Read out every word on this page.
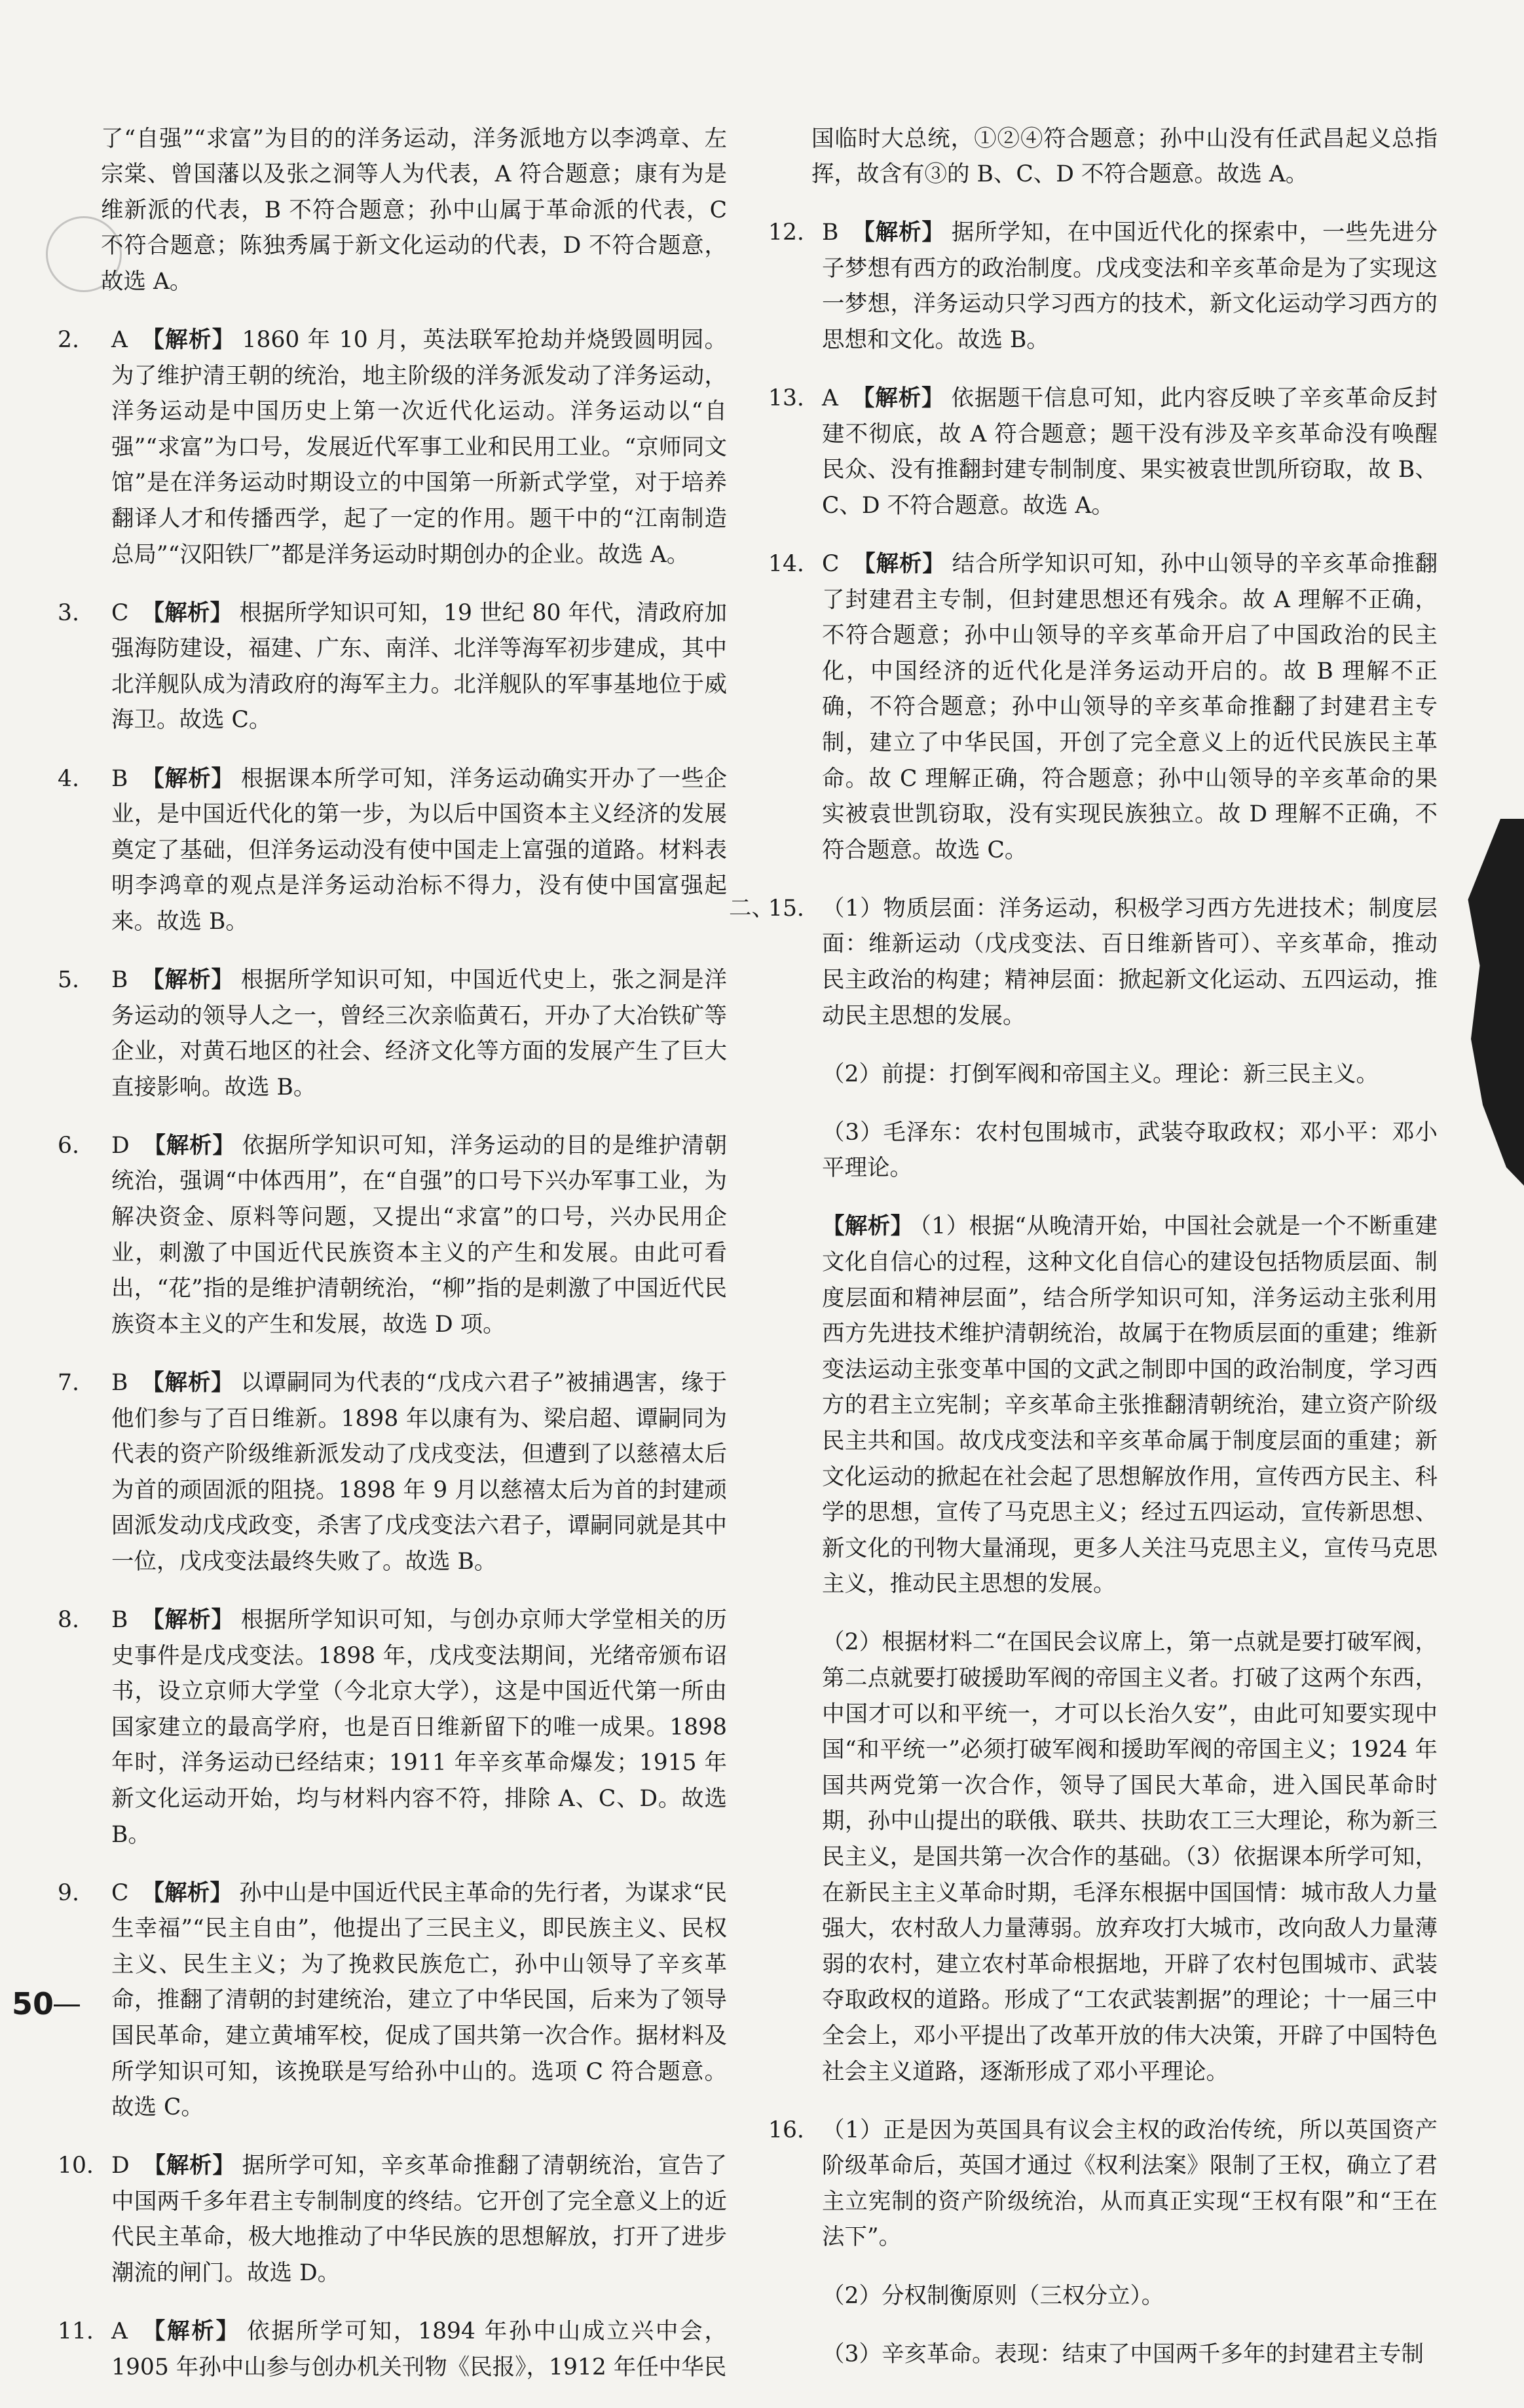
了“自强”“求富”为目的的洋务运动，洋务派地方以李鸿章、左宗棠、曾国藩以及张之洞等人为代表，A 符合题意；康有为是维新派的代表，B 不符合题意；孙中山属于革命派的代表，C 不符合题意；陈独秀属于新文化运动的代表，D 不符合题意，故选 A。

2.	A 【解析】 1860 年 10 月，英法联军抢劫并烧毁圆明园。为了维护清王朝的统治，地主阶级的洋务派发动了洋务运动，洋务运动是中国历史上第一次近代化运动。洋务运动以“自强”“求富”为口号，发展近代军事工业和民用工业。“京师同文馆”是在洋务运动时期设立的中国第一所新式学堂，对于培养翻译人才和传播西学，起了一定的作用。题干中的“江南制造总局”“汉阳铁厂”都是洋务运动时期创办的企业。故选 A。

3.	C 【解析】 根据所学知识可知，19 世纪 80 年代，清政府加强海防建设，福建、广东、南洋、北洋等海军初步建成，其中北洋舰队成为清政府的海军主力。北洋舰队的军事基地位于威海卫。故选 C。

4.	B 【解析】 根据课本所学可知，洋务运动确实开办了一些企业，是中国近代化的第一步，为以后中国资本主义经济的发展奠定了基础，但洋务运动没有使中国走上富强的道路。材料表明李鸿章的观点是洋务运动治标不得力，没有使中国富强起来。故选 B。

5.	B 【解析】 根据所学知识可知，中国近代史上，张之洞是洋务运动的领导人之一，曾经三次亲临黄石，开办了大冶铁矿等企业，对黄石地区的社会、经济文化等方面的发展产生了巨大直接影响。故选 B。

6.	D 【解析】 依据所学知识可知，洋务运动的目的是维护清朝统治，强调“中体西用”，在“自强”的口号下兴办军事工业，为解决资金、原料等问题，又提出“求富”的口号，兴办民用企业，刺激了中国近代民族资本主义的产生和发展。由此可看出，“花”指的是维护清朝统治，“柳”指的是刺激了中国近代民族资本主义的产生和发展，故选 D 项。

7.	B 【解析】 以谭嗣同为代表的“戊戌六君子”被捕遇害，缘于他们参与了百日维新。1898 年以康有为、梁启超、谭嗣同为代表的资产阶级维新派发动了戊戌变法，但遭到了以慈禧太后为首的顽固派的阻挠。1898 年 9 月以慈禧太后为首的封建顽固派发动戊戌政变，杀害了戊戌变法六君子，谭嗣同就是其中一位，戊戌变法最终失败了。故选 B。

8.	B 【解析】 根据所学知识可知，与创办京师大学堂相关的历史事件是戊戌变法。1898 年，戊戌变法期间，光绪帝颁布诏书，设立京师大学堂（今北京大学），这是中国近代第一所由国家建立的最高学府，也是百日维新留下的唯一成果。1898 年时，洋务运动已经结束；1911 年辛亥革命爆发；1915 年新文化运动开始，均与材料内容不符，排除 A、C、D。故选 B。

9.	C 【解析】 孙中山是中国近代民主革命的先行者，为谋求“民生幸福”“民主自由”，他提出了三民主义，即民族主义、民权主义、民生主义；为了挽救民族危亡，孙中山领导了辛亥革命，推翻了清朝的封建统治，建立了中华民国，后来为了领导国民革命，建立黄埔军校，促成了国共第一次合作。据材料及所学知识可知，该挽联是写给孙中山的。选项 C 符合题意。故选 C。

10. D 【解析】 据所学可知，辛亥革命推翻了清朝统治，宣告了中国两千多年君主专制制度的终结。它开创了完全意义上的近代民主革命，极大地推动了中华民族的思想解放，打开了进步潮流的闸门。故选 D。

11. A 【解析】 依据所学可知，1894 年孙中山成立兴中会，1905 年孙中山参与创办机关刊物《民报》，1912 年任中华民

国临时大总统，①②④符合题意；孙中山没有任武昌起义总指挥，故含有③的 B、C、D 不符合题意。故选 A。

12. B 【解析】 据所学知，在中国近代化的探索中，一些先进分子梦想有西方的政治制度。戊戌变法和辛亥革命是为了实现这一梦想，洋务运动只学习西方的技术，新文化运动学习西方的思想和文化。故选 B。

13. A 【解析】 依据题干信息可知，此内容反映了辛亥革命反封建不彻底，故 A 符合题意；题干没有涉及辛亥革命没有唤醒民众、没有推翻封建专制制度、果实被袁世凯所窃取，故 B、C、D 不符合题意。故选 A。

14. C 【解析】 结合所学知识可知，孙中山领导的辛亥革命推翻了封建君主专制，但封建思想还有残余。故 A 理解不正确，不符合题意；孙中山领导的辛亥革命开启了中国政治的民主化，中国经济的近代化是洋务运动开启的。故 B 理解不正确，不符合题意；孙中山领导的辛亥革命推翻了封建君主专制，建立了中华民国，开创了完全意义上的近代民族民主革命。故 C 理解正确，符合题意；孙中山领导的辛亥革命的果实被袁世凯窃取，没有实现民族独立。故 D 理解不正确，不符合题意。故选 C。

二、
15. （1）物质层面：洋务运动，积极学习西方先进技术；制度层面：维新运动（戊戌变法、百日维新皆可）、辛亥革命，推动民主政治的构建；精神层面：掀起新文化运动、五四运动，推动民主思想的发展。

（2）前提：打倒军阀和帝国主义。理论：新三民主义。

（3）毛泽东：农村包围城市，武装夺取政权；邓小平：邓小平理论。

【解析】 （1）根据“从晚清开始，中国社会就是一个不断重建文化自信心的过程，这种文化自信心的建设包括物质层面、制度层面和精神层面”，结合所学知识可知，洋务运动主张利用西方先进技术维护清朝统治，故属于在物质层面的重建；维新变法运动主张变革中国的文武之制即中国的政治制度，学习西方的君主立宪制；辛亥革命主张推翻清朝统治，建立资产阶级民主共和国。故戊戌变法和辛亥革命属于制度层面的重建；新文化运动的掀起在社会起了思想解放作用，宣传西方民主、科学的思想，宣传了马克思主义；经过五四运动，宣传新思想、新文化的刊物大量涌现，更多人关注马克思主义，宣传马克思主义，推动民主思想的发展。

（2）根据材料二“在国民会议席上，第一点就是要打破军阀，第二点就要打破援助军阀的帝国主义者。打破了这两个东西，中国才可以和平统一，才可以长治久安”，由此可知要实现中国“和平统一”必须打破军阀和援助军阀的帝国主义；1924 年国共两党第一次合作，领导了国民大革命，进入国民革命时期，孙中山提出的联俄、联共、扶助农工三大理论，称为新三民主义，是国共第一次合作的基础。（3）依据课本所学可知，在新民主主义革命时期，毛泽东根据中国国情：城市敌人力量强大，农村敌人力量薄弱。放弃攻打大城市，改向敌人力量薄弱的农村，建立农村革命根据地，开辟了农村包围城市、武装夺取政权的道路。形成了“工农武装割据”的理论；十一届三中全会上，邓小平提出了改革开放的伟大决策，开辟了中国特色社会主义道路，逐渐形成了邓小平理论。

16. （1）正是因为英国具有议会主权的政治传统，所以英国资产阶级革命后，英国才通过《权利法案》限制了王权，确立了君主立宪制的资产阶级统治，从而真正实现“王权有限”和“王在法下”。

（2）分权制衡原则（三权分立）。

（3）辛亥革命。表现：结束了中国两千多年的封建君主专制

50
